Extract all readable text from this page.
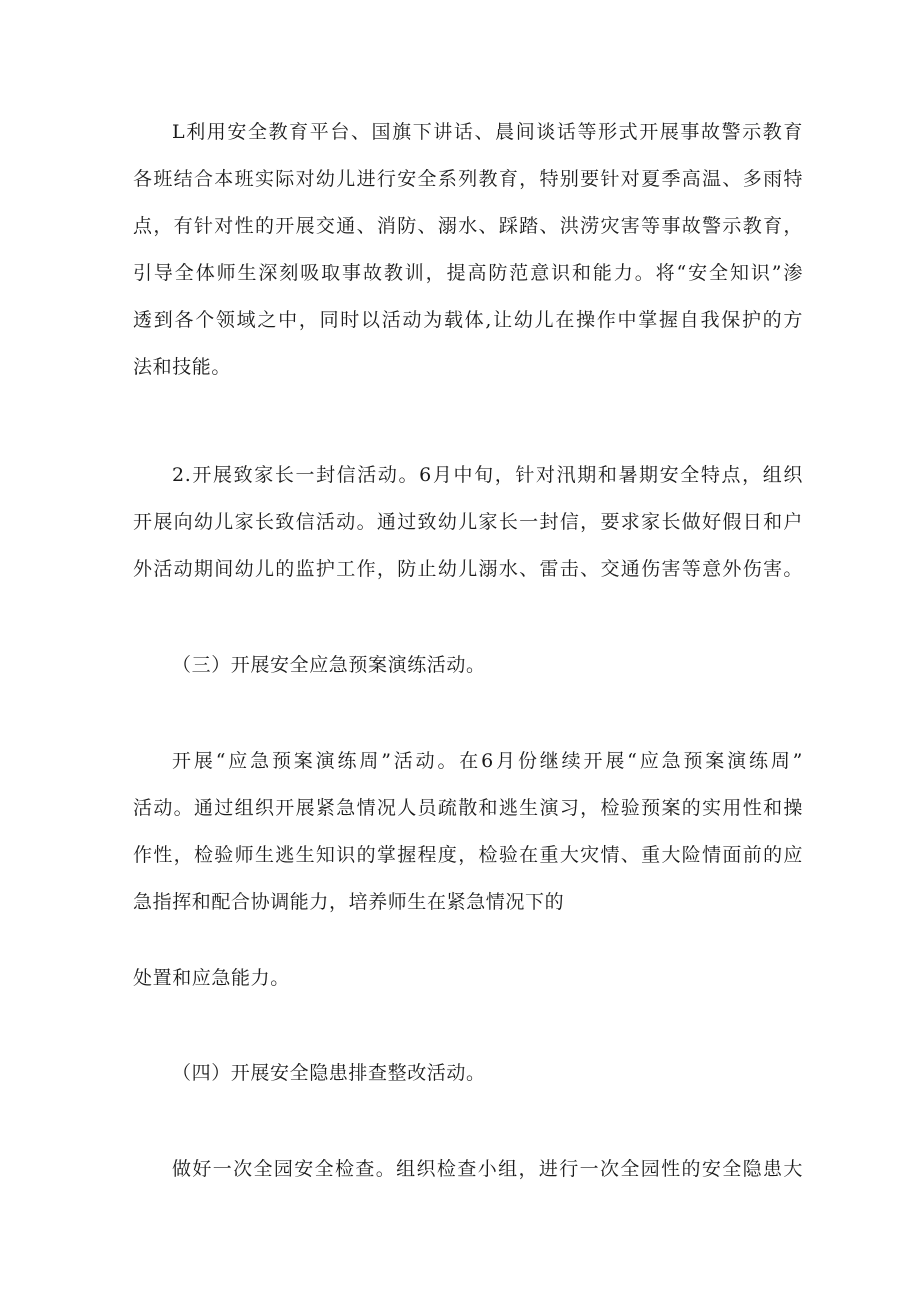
L利用安全教育平台、国旗下讲话、晨间谈话等形式开展事故警示教育
各班结合本班实际对幼儿进行安全系列教育，特别要针对夏季高温、多雨特
点，有针对性的开展交通、消防、溺水、踩踏、洪涝灾害等事故警示教育，
引导全体师生深刻吸取事故教训，提高防范意识和能力。将“安全知识”渗
透到各个领域之中，同时以活动为载体,让幼儿在操作中掌握自我保护的方
法和技能。
2.开展致家长一封信活动。6月中旬，针对汛期和暑期安全特点，组织
开展向幼儿家长致信活动。通过致幼儿家长一封信，要求家长做好假日和户
外活动期间幼儿的监护工作，防止幼儿溺水、雷击、交通伤害等意外伤害。
（三）开展安全应急预案演练活动。
开展“应急预案演练周”活动。在6月份继续开展“应急预案演练周”
活动。通过组织开展紧急情况人员疏散和逃生演习，检验预案的实用性和操
作性，检验师生逃生知识的掌握程度，检验在重大灾情、重大险情面前的应
急指挥和配合协调能力，培养师生在紧急情况下的
处置和应急能力。
（四）开展安全隐患排查整改活动。
做好一次全园安全检查。组织检查小组，进行一次全园性的安全隐患大
